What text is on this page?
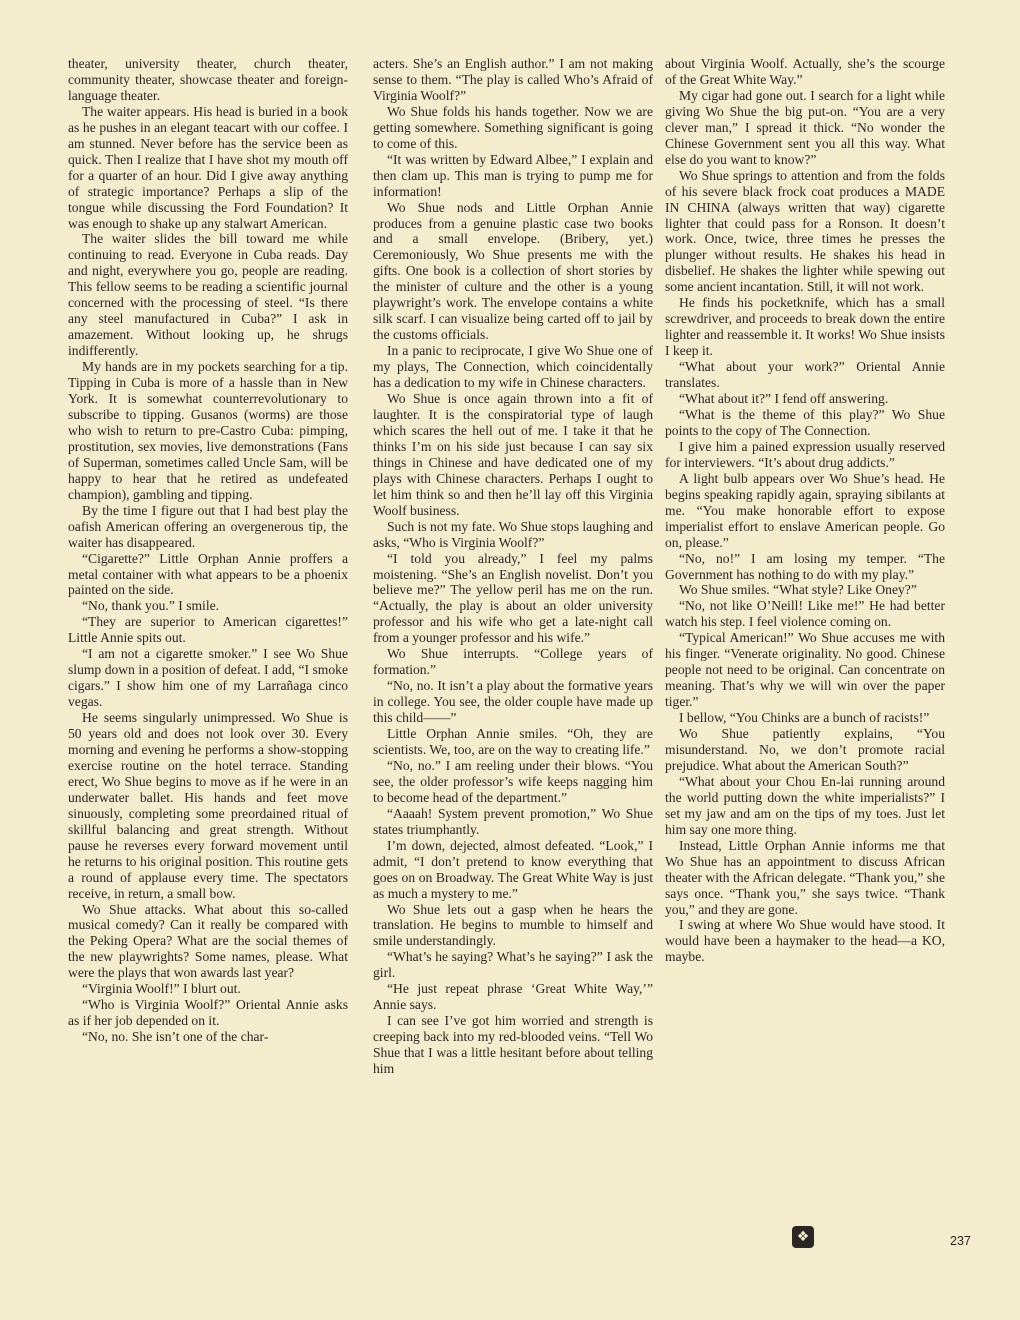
theater, university theater, church theater, community theater, showcase theater and foreign-language theater.

The waiter appears. His head is buried in a book as he pushes in an elegant teacart with our coffee. I am stunned. Never before has the service been as quick. Then I realize that I have shot my mouth off for a quarter of an hour. Did I give away anything of strategic importance? Perhaps a slip of the tongue while discussing the Ford Foundation? It was enough to shake up any stalwart American.

The waiter slides the bill toward me while continuing to read. Everyone in Cuba reads. Day and night, everywhere you go, people are reading. This fellow seems to be reading a scientific journal concerned with the processing of steel. “Is there any steel manufactured in Cuba?” I ask in amazement. Without looking up, he shrugs indifferently.

My hands are in my pockets searching for a tip. Tipping in Cuba is more of a hassle than in New York. It is somewhat counterrevolutionary to subscribe to tipping. Gusanos (worms) are those who wish to return to pre-Castro Cuba: pimping, prostitution, sex movies, live demonstrations (Fans of Superman, sometimes called Uncle Sam, will be happy to hear that he retired as undefeated champion), gambling and tipping.

By the time I figure out that I had best play the oafish American offering an overgenerous tip, the waiter has disappeared.

“Cigarette?” Little Orphan Annie proffers a metal container with what appears to be a phoenix painted on the side.

“No, thank you.” I smile.

“They are superior to American cigarettes!” Little Annie spits out.

“I am not a cigarette smoker.” I see Wo Shue slump down in a position of defeat. I add, “I smoke cigars.” I show him one of my Larrañaga cinco vegas.

He seems singularly unimpressed. Wo Shue is 50 years old and does not look over 30. Every morning and evening he performs a show-stopping exercise routine on the hotel terrace. Standing erect, Wo Shue begins to move as if he were in an underwater ballet. His hands and feet move sinuously, completing some preordained ritual of skillful balancing and great strength. Without pause he reverses every forward movement until he returns to his original position. This routine gets a round of applause every time. The spectators receive, in return, a small bow.

Wo Shue attacks. What about this so-called musical comedy? Can it really be compared with the Peking Opera? What are the social themes of the new playwrights? Some names, please. What were the plays that won awards last year?

“Virginia Woolf!” I blurt out.

“Who is Virginia Woolf?” Oriental Annie asks as if her job depended on it.

“No, no. She isn’t one of the char-

acters. She’s an English author.” I am not making sense to them. “The play is called Who’s Afraid of Virginia Woolf?”

Wo Shue folds his hands together. Now we are getting somewhere. Something significant is going to come of this.

“It was written by Edward Albee,” I explain and then clam up. This man is trying to pump me for information!

Wo Shue nods and Little Orphan Annie produces from a genuine plastic case two books and a small envelope. (Bribery, yet.) Ceremoniously, Wo Shue presents me with the gifts. One book is a collection of short stories by the minister of culture and the other is a young playwright’s work. The envelope contains a white silk scarf. I can visualize being carted off to jail by the customs officials.

In a panic to reciprocate, I give Wo Shue one of my plays, The Connection, which coincidentally has a dedication to my wife in Chinese characters.

Wo Shue is once again thrown into a fit of laughter. It is the conspiratorial type of laugh which scares the hell out of me. I take it that he thinks I’m on his side just because I can say six things in Chinese and have dedicated one of my plays with Chinese characters. Perhaps I ought to let him think so and then he’ll lay off this Virginia Woolf business.

Such is not my fate. Wo Shue stops laughing and asks, “Who is Virginia Woolf?”

“I told you already,” I feel my palms moistening. “She’s an English novelist. Don’t you believe me?” The yellow peril has me on the run. “Actually, the play is about an older university professor and his wife who get a late-night call from a younger professor and his wife.”

Wo Shue interrupts. “College years of formation.”

“No, no. It isn’t a play about the formative years in college. You see, the older couple have made up this child——”

Little Orphan Annie smiles. “Oh, they are scientists. We, too, are on the way to creating life.”

“No, no.” I am reeling under their blows. “You see, the older professor’s wife keeps nagging him to become head of the department.”

“Aaaah! System prevent promotion,” Wo Shue states triumphantly.

I’m down, dejected, almost defeated. “Look,” I admit, “I don’t pretend to know everything that goes on on Broadway. The Great White Way is just as much a mystery to me.”

Wo Shue lets out a gasp when he hears the translation. He begins to mumble to himself and smile understandingly.

“What’s he saying? What’s he saying?” I ask the girl.

“He just repeat phrase ‘Great White Way,’” Annie says.

I can see I’ve got him worried and strength is creeping back into my red-blooded veins. “Tell Wo Shue that I was a little hesitant before about telling him

about Virginia Woolf. Actually, she’s the scourge of the Great White Way.”

My cigar had gone out. I search for a light while giving Wo Shue the big put-on. “You are a very clever man,” I spread it thick. “No wonder the Chinese Government sent you all this way. What else do you want to know?”

Wo Shue springs to attention and from the folds of his severe black frock coat produces a MADE IN CHINA (always written that way) cigarette lighter that could pass for a Ronson. It doesn’t work. Once, twice, three times he presses the plunger without results. He shakes his head in disbelief. He shakes the lighter while spewing out some ancient incantation. Still, it will not work.

He finds his pocketknife, which has a small screwdriver, and proceeds to break down the entire lighter and reassemble it. It works! Wo Shue insists I keep it.

“What about your work?” Oriental Annie translates.

“What about it?” I fend off answering.

“What is the theme of this play?” Wo Shue points to the copy of The Connection.

I give him a pained expression usually reserved for interviewers. “It’s about drug addicts.”

A light bulb appears over Wo Shue’s head. He begins speaking rapidly again, spraying sibilants at me. “You make honorable effort to expose imperialist effort to enslave American people. Go on, please.”

“No, no!” I am losing my temper. “The Government has nothing to do with my play.”

Wo Shue smiles. “What style? Like Oney?”

“No, not like O’Neill! Like me!” He had better watch his step. I feel violence coming on.

“Typical American!” Wo Shue accuses me with his finger. “Venerate originality. No good. Chinese people not need to be original. Can concentrate on meaning. That’s why we will win over the paper tiger.”

I bellow, “You Chinks are a bunch of racists!”

Wo Shue patiently explains, “You misunderstand. No, we don’t promote racial prejudice. What about the American South?”

“What about your Chou En-lai running around the world putting down the white imperialists?” I set my jaw and am on the tips of my toes. Just let him say one more thing.

Instead, Little Orphan Annie informs me that Wo Shue has an appointment to discuss African theater with the African delegate. “Thank you,” she says once. “Thank you,” she says twice. “Thank you,” and they are gone.

I swing at where Wo Shue would have stood. It would have been a haymaker to the head—a KO, maybe.

❖	237
